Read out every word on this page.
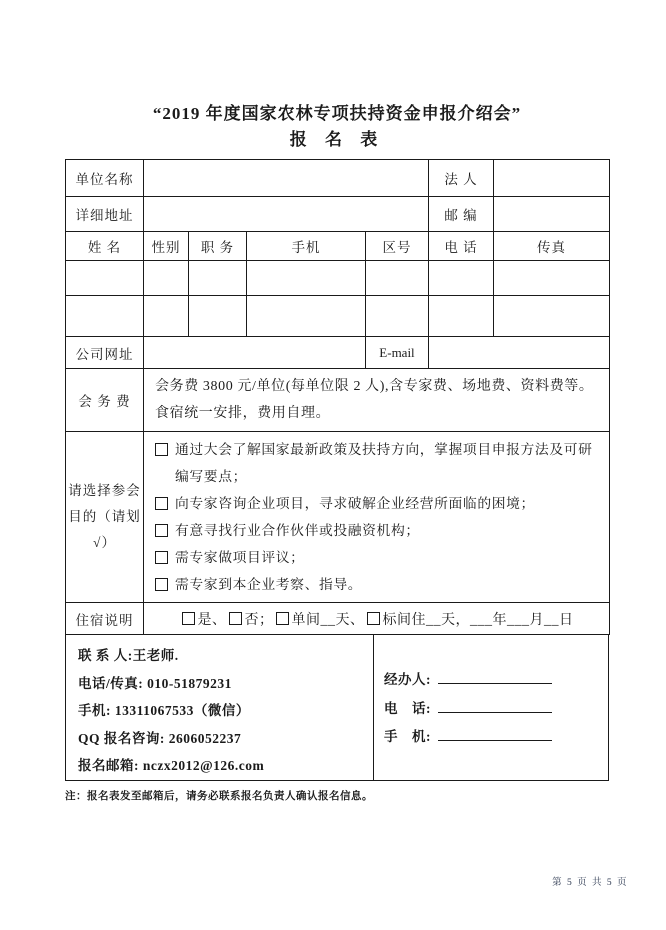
“2019 年度国家农林专项扶持资金申报介绍会”
报 名 表
单位名称					法 人	
详细地址					邮 编	
姓 名	性别	职 务	手机	区号	电 话	传真

公司网址				E-mail		
会 务 费	会务费 3800 元/单位(每单位限 2 人),含专家费、场地费、资料费等。食宿统一安排，费用自理。					

请选择参会目的（请划√）	通过大会了解国家最新政策及扶持方向，掌握项目申报方法及可研编写要点；
向专家咨询企业项目，寻求破解企业经营所面临的困境；
有意寻找行业合作伙伴或投融资机构；
需专家做项目评议；
需专家到本企业考察、指导。					

住宿说明	是、 否； 单间__天、 标间住__天，___年___月__日					
联 系 人:王老师.
电话/传真: 010-51879231
手机: 13311067533（微信）
QQ 报名咨询: 2606052237
报名邮箱: nczx2012@126.com
经办人:
电　话:
手　机:
注：报名表发至邮箱后，请务必联系报名负责人确认报名信息。
第 5 页 共 5 页
